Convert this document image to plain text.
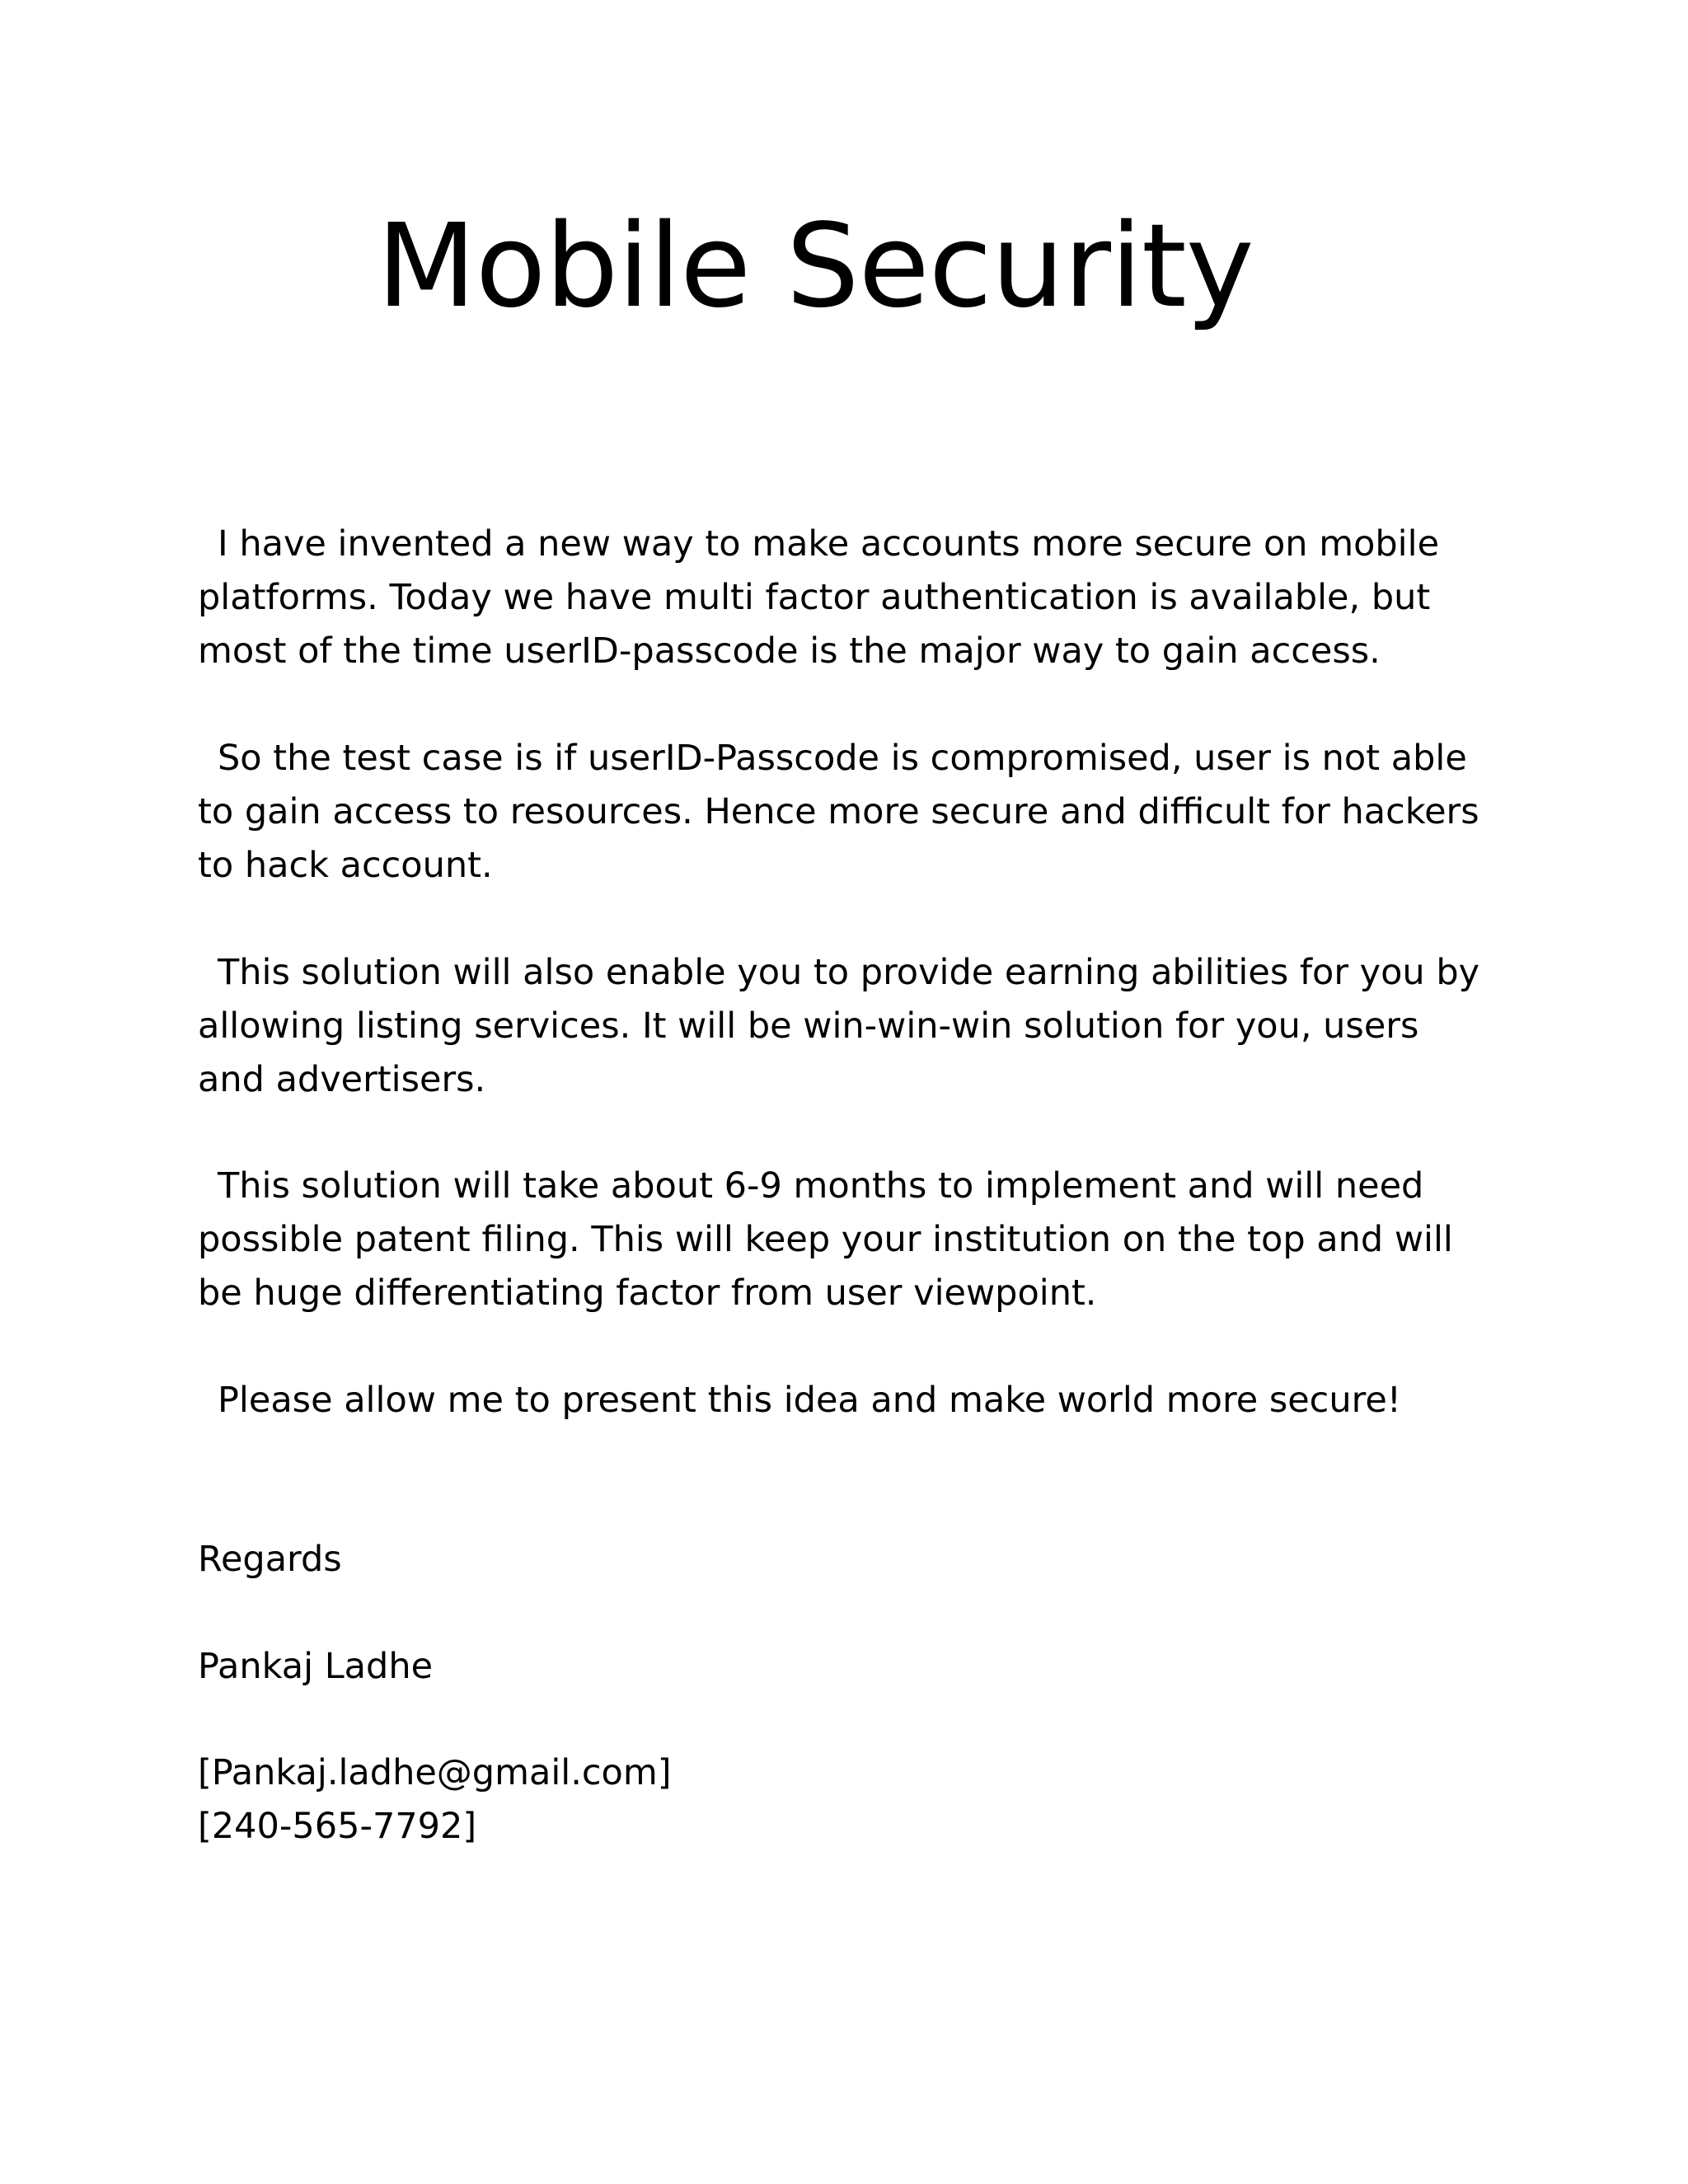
Mobile Security
I have invented a new way to make accounts more secure on mobile
platforms. Today we have multi factor authentication is available, but
most of the time userID-passcode is the major way to gain access.
So the test case is if userID-Passcode is compromised, user is not able
to gain access to resources. Hence more secure and difficult for hackers
to hack account.
This solution will also enable you to provide earning abilities for you by
allowing listing services. It will be win-win-win solution for you, users
and advertisers.
This solution will take about 6-9 months to implement and will need
possible patent filing. This will keep your institution on the top and will
be huge differentiating factor from user viewpoint.
Please allow me to present this idea and make world more secure!

Regards

Pankaj Ladhe

[Pankaj.ladhe@gmail.com]

[240-565-7792]
